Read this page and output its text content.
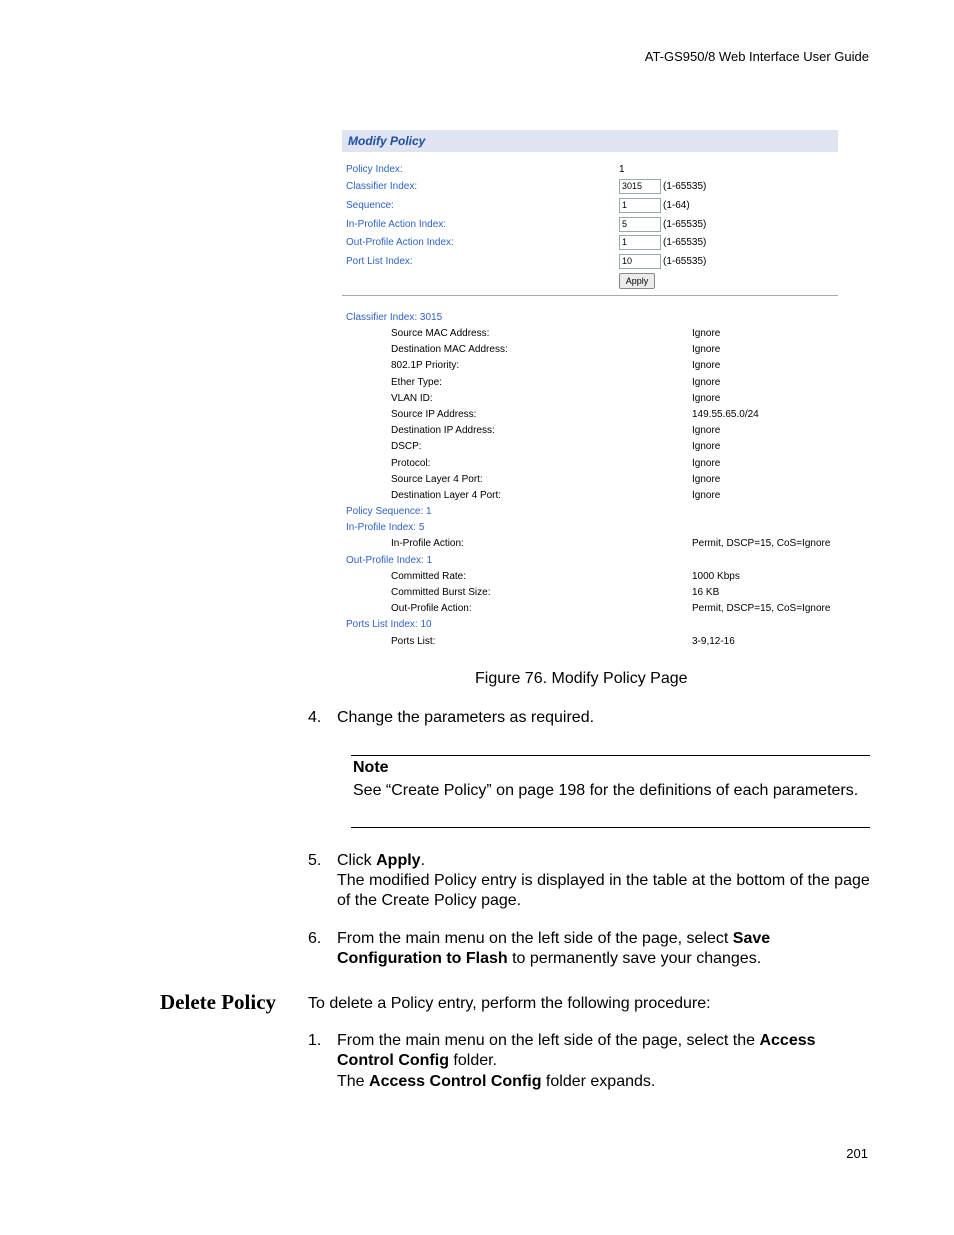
AT-GS950/8 Web Interface User Guide
Modify Policy
Policy Index:	1
Classifier Index:	3015	(1-65535)
Sequence:	1	(1-64)
In-Profile Action Index:	5	(1-65535)
Out-Profile Action Index:	1	(1-65535)
Port List Index:	10	(1-65535)
Apply
Classifier Index: 3015
Source MAC Address:	Ignore
Destination MAC Address:	Ignore
802.1P Priority:	Ignore
Ether Type:	Ignore
VLAN ID:	Ignore
Source IP Address:	149.55.65.0/24
Destination IP Address:	Ignore
DSCP:	Ignore
Protocol:	Ignore
Source Layer 4 Port:	Ignore
Destination Layer 4 Port:	Ignore
Policy Sequence: 1
In-Profile Index: 5
In-Profile Action:	Permit, DSCP=15, CoS=Ignore
Out-Profile Index: 1
Committed Rate:	1000 Kbps
Committed Burst Size:	16 KB
Out-Profile Action:	Permit, DSCP=15, CoS=Ignore
Ports List Index: 10
Ports List:	3-9,12-16
Figure 76. Modify Policy Page
4. Change the parameters as required.
Note
See “Create Policy” on page 198 for the definitions of each parameters.
5. Click Apply.
The modified Policy entry is displayed in the table at the bottom of the page of the Create Policy page.
6. From the main menu on the left side of the page, select Save Configuration to Flash to permanently save your changes.
Delete Policy To delete a Policy entry, perform the following procedure:
1. From the main menu on the left side of the page, select the Access Control Config folder.
The Access Control Config folder expands.
201
